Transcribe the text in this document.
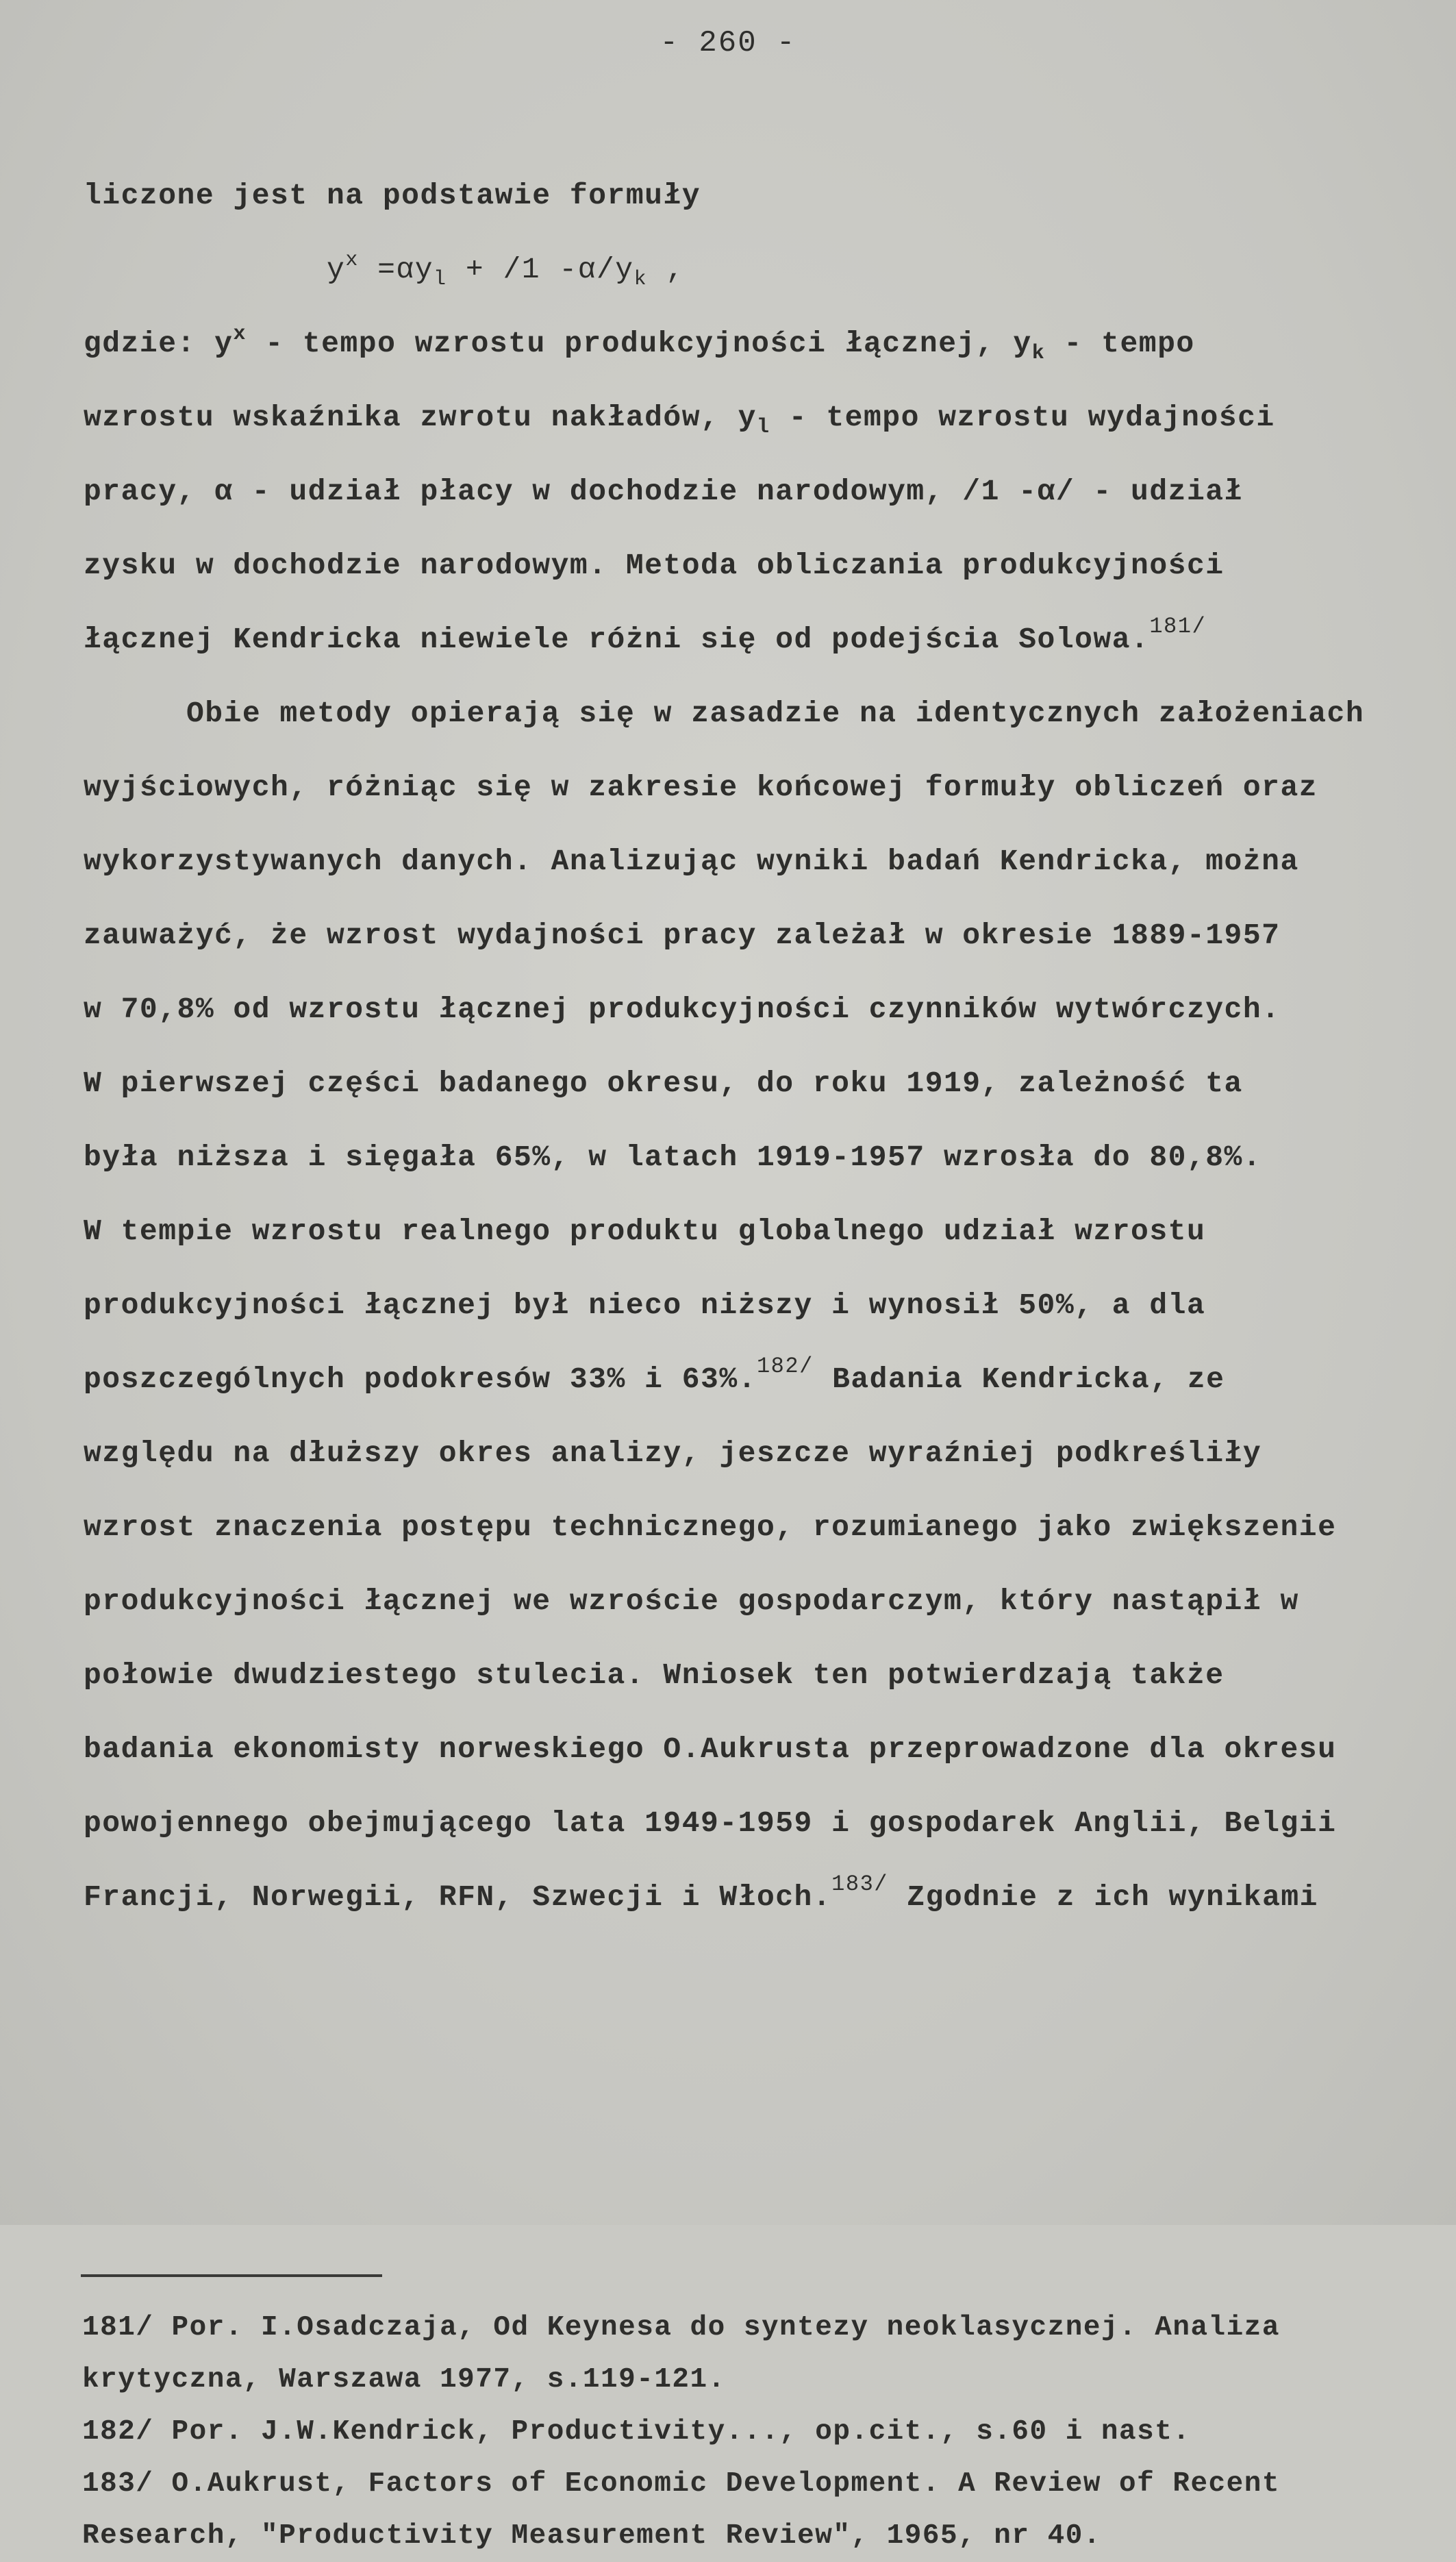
- 260 -
liczone jest na podstawie formuły
$y^x =\alpha y_l + /1$ $-\alpha/y_k$ ,
gdzie: $y^x$ - tempo wzrostu produkcyjności łącznej, $y_k$ - tempo
wzrostu wskaźnika zwrotu nakładów, $y_l$ - tempo wzrostu wydajności
pracy, α - udział płacy w dochodzie narodowym, /1 -α/ - udział
zysku w dochodzie narodowym. Metoda obliczania produkcyjności
łącznej Kendricka niewiele różni się od podejścia Solowa.$^{181/}$
Obie metody opierają się w zasadzie na identycznych założeniach
wyjściowych, różniąc się w zakresie końcowej formuły obliczeń oraz
wykorzystywanych danych. Analizując wyniki badań Kendricka, można
zauważyć, że wzrost wydajności pracy zależał w okresie 1889-1957
w 70,8% od wzrostu łącznej produkcyjności czynników wytwórczych.
W pierwszej części badanego okresu, do roku 1919, zależność ta
była niższa i sięgała 65%, w latach 1919-1957 wzrosła do 80,8%.
W tempie wzrostu realnego produktu globalnego udział wzrostu
produkcyjności łącznej był nieco niższy i wynosił 50%, a dla
poszczególnych podokresów 33% i 63%.$^{182/}$ Badania Kendricka, ze
względu na dłuższy okres analizy, jeszcze wyraźniej podkreśliły
wzrost znaczenia postępu technicznego, rozumianego jako zwiększenie
produkcyjności łącznej we wzroście gospodarczym, który nastąpił w
połowie dwudziestego stulecia. Wniosek ten potwierdzają także
badania ekonomisty norweskiego O.Aukrusta przeprowadzone dla okresu
powojennego obejmującego lata 1949-1959 i gospodarek Anglii, Belgii
Francji, Norwegii, RFN, Szwecji i Włoch.$^{183/}$ Zgodnie z ich wynikami
181/ Por. I.Osadczaja, Od Keynesa do syntezy neoklasycznej. Analiza
krytyczna, Warszawa 1977, s.119-121.
182/ Por. J.W.Kendrick, Productivity..., op.cit., s.60 i nast.
183/ O.Aukrust, Factors of Economic Development. A Review of Recent
Research, "Productivity Measurement Review", 1965, nr 40.
